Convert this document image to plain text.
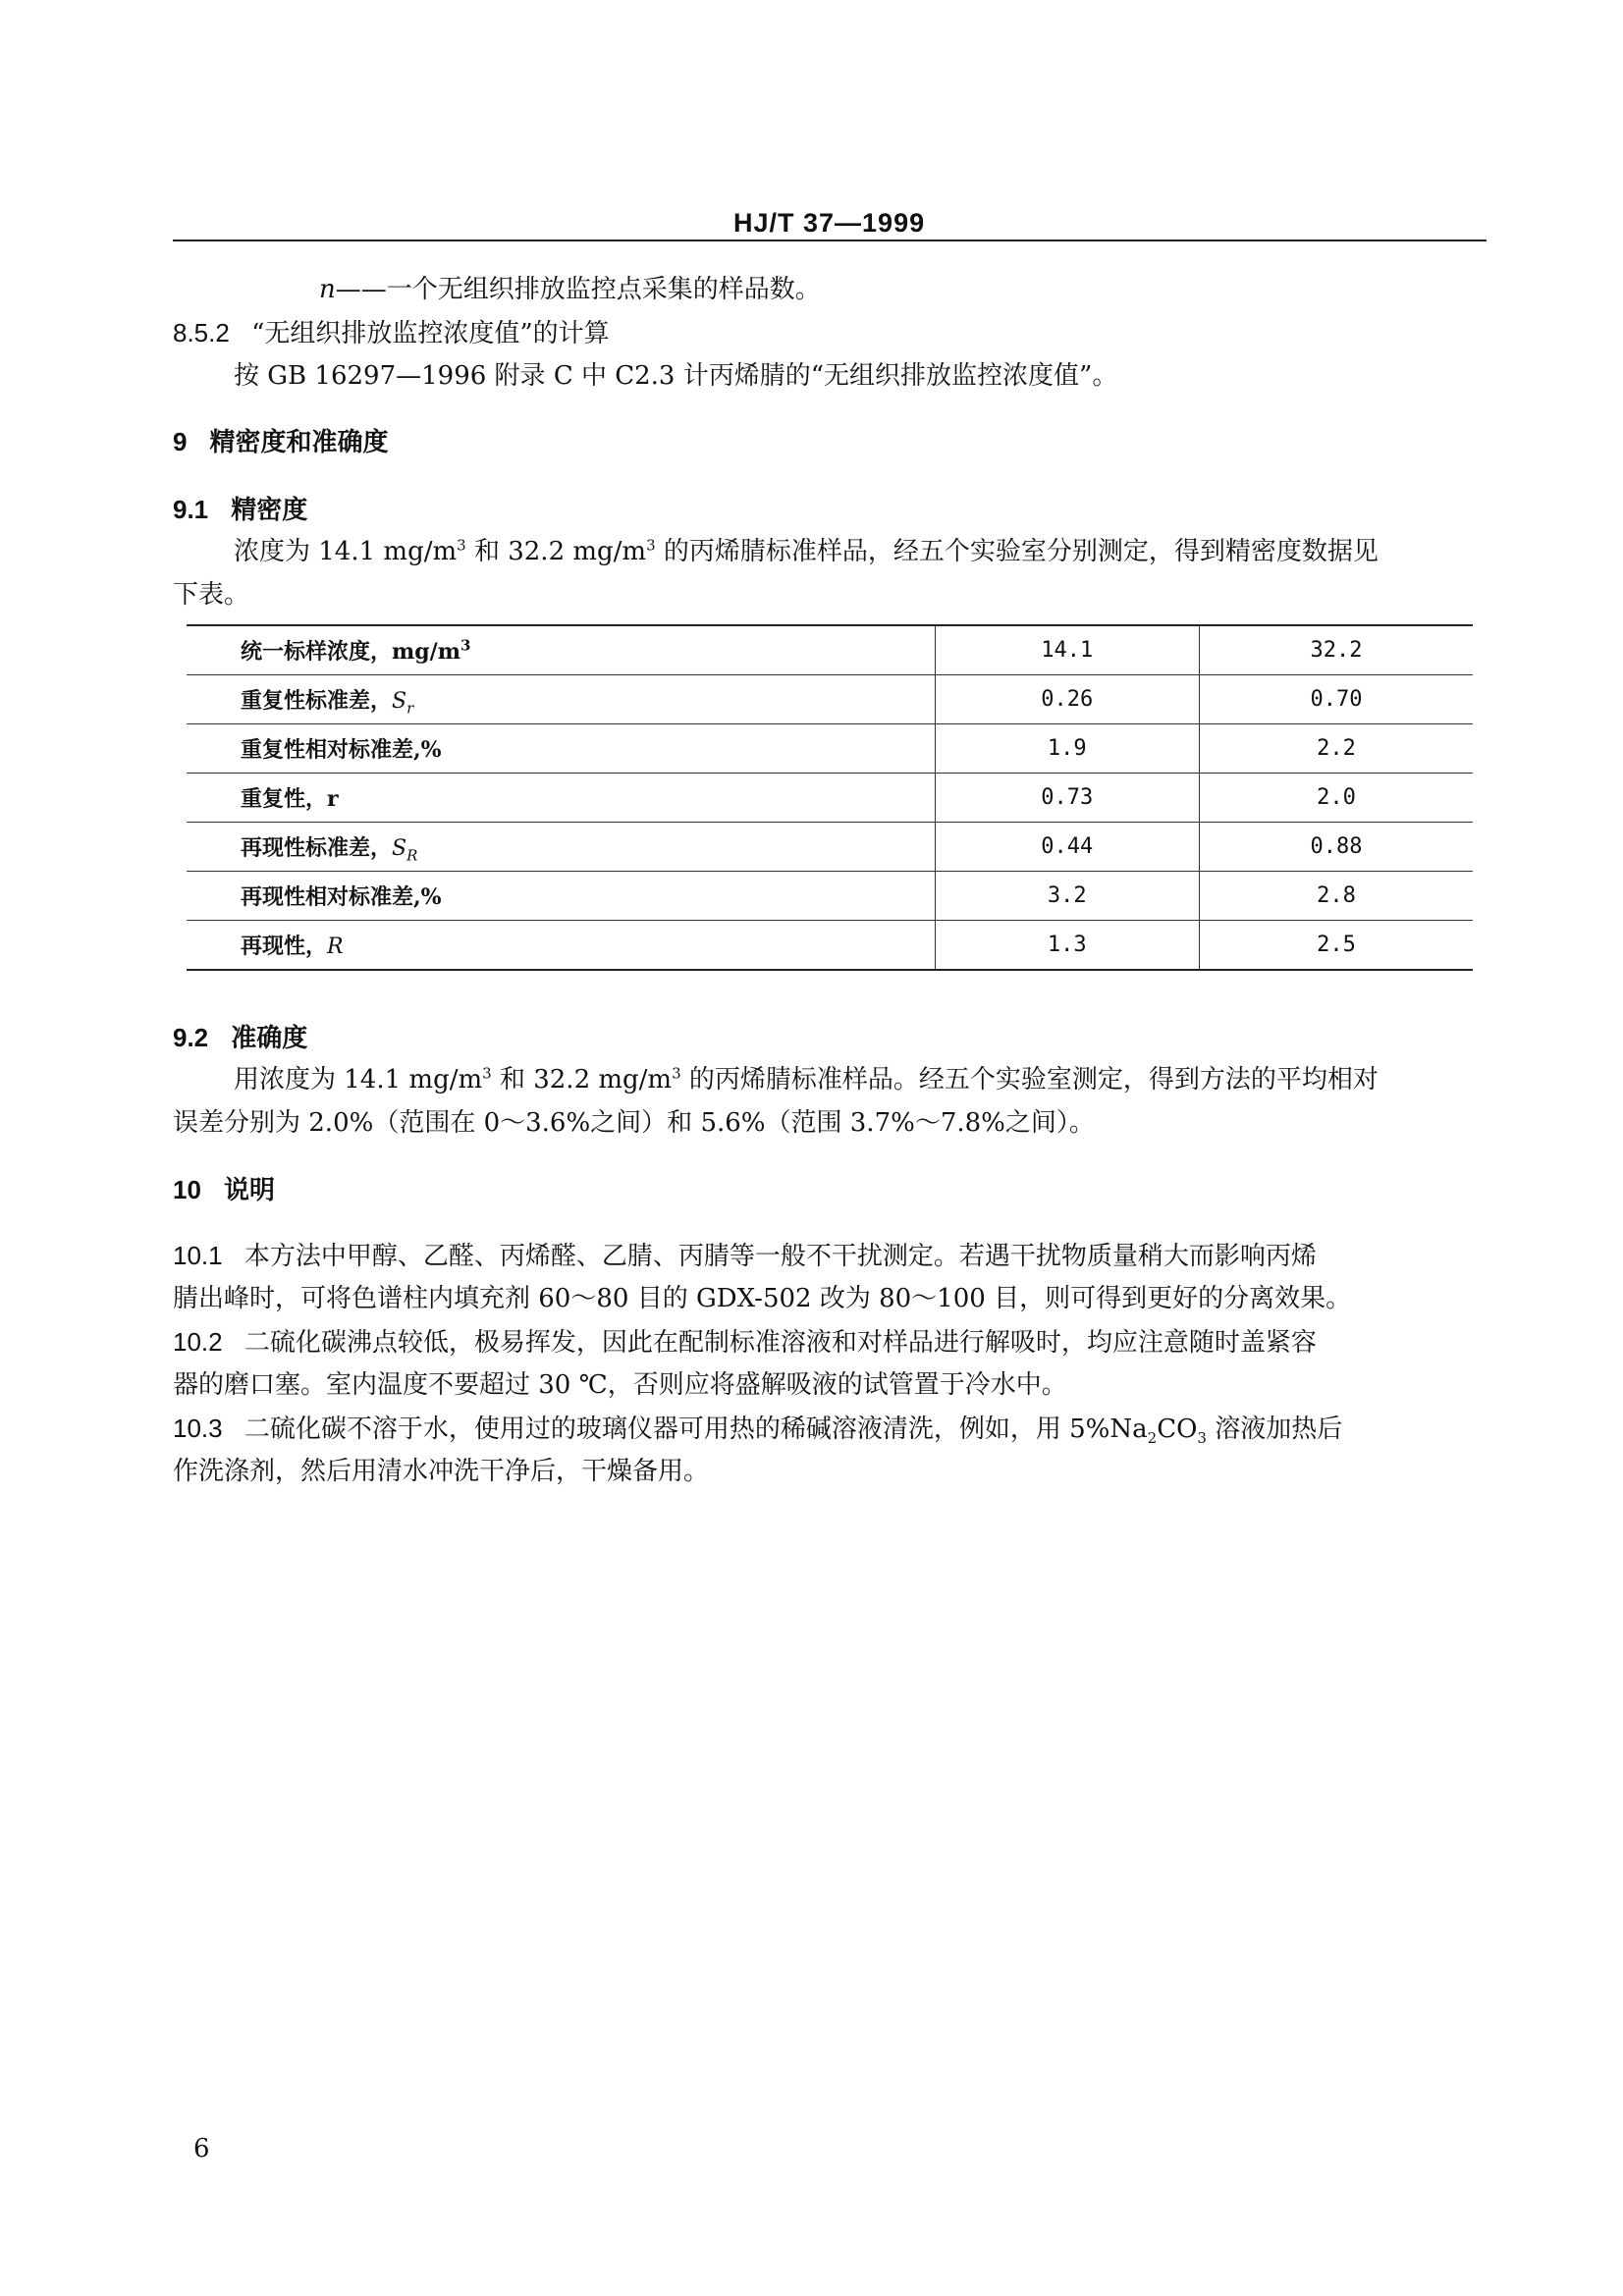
HJ/T 37—1999
n——一个无组织排放监控点采集的样品数。
8.5.2 “无组织排放监控浓度值”的计算
按 GB 16297—1996 附录 C 中 C2.3 计丙烯腈的“无组织排放监控浓度值”。
9 精密度和准确度
9.1 精密度
浓度为 14.1 $mg/m^3$ 和 32.2 $mg/m^3$ 的丙烯腈标准样品，经五个实验室分别测定，得到精密度数据见
下表。
统一标样浓度，$mg/m^3$	14.1	32.2
重复性标准差，$S_r$	0.26	0.70
重复性相对标准差,%	1.9	2.2
重复性，r	0.73	2.0
再现性标准差，$S_R$	0.44	0.88
再现性相对标准差,%	3.2	2.8
再现性，R	1.3	2.5
9.2 准确度
用浓度为 14.1 $mg/m^3$ 和 32.2 $mg/m^3$ 的丙烯腈标准样品。经五个实验室测定，得到方法的平均相对
误差分别为 2.0%（范围在 0～3.6%之间）和 5.6%（范围 3.7%～7.8%之间）。
10 说明
10.1 本方法中甲醇、乙醛、丙烯醛、乙腈、丙腈等一般不干扰测定。若遇干扰物质量稍大而影响丙烯
腈出峰时，可将色谱柱内填充剂 60～80 目的 GDX-502 改为 80～100 目，则可得到更好的分离效果。
10.2 二硫化碳沸点较低，极易挥发，因此在配制标准溶液和对样品进行解吸时，均应注意随时盖紧容
器的磨口塞。室内温度不要超过 30 ℃，否则应将盛解吸液的试管置于冷水中。
10.3 二硫化碳不溶于水，使用过的玻璃仪器可用热的稀碱溶液清洗，例如，用 $5\%Na_2CO_3$ 溶液加热后
作洗涤剂，然后用清水冲洗干净后，干燥备用。
6
